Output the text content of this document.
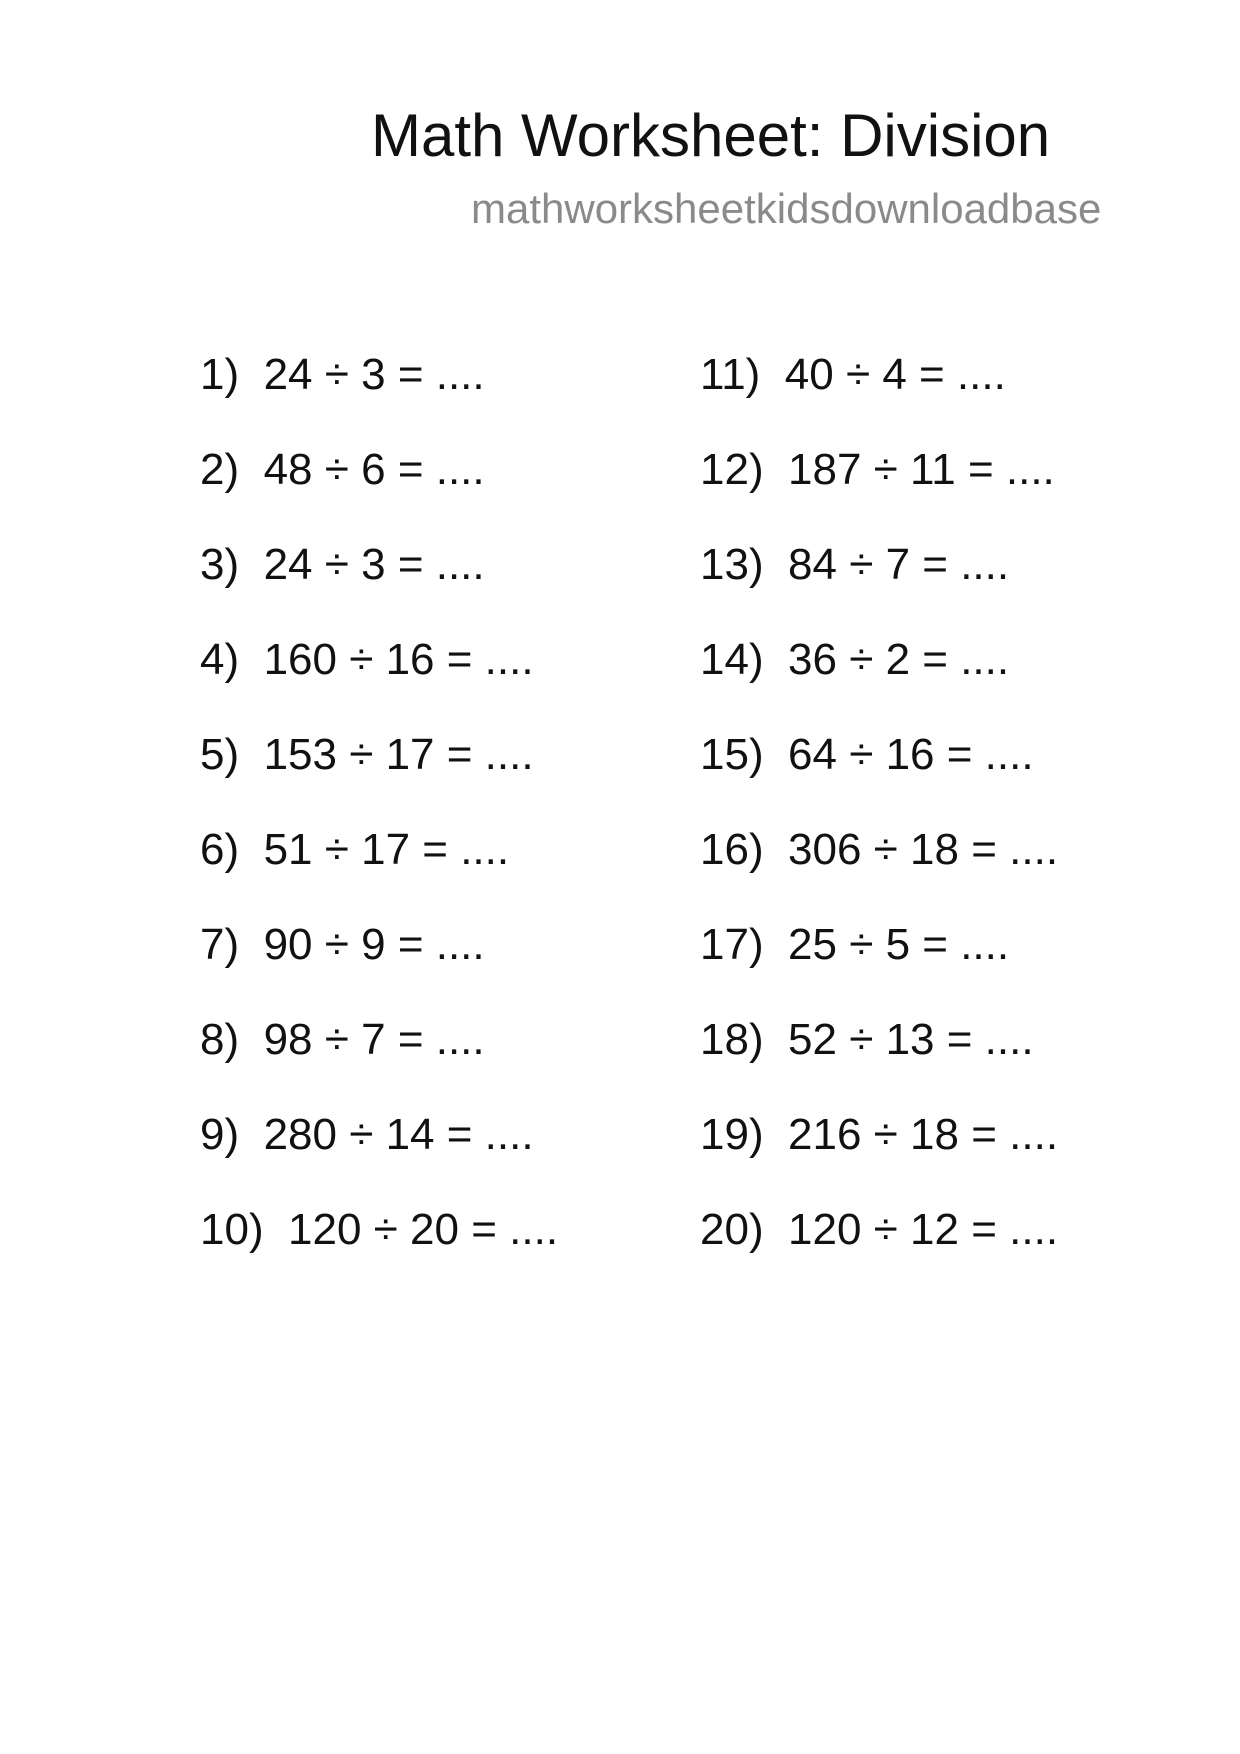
Math Worksheet: Division
mathworksheetkidsdownloadbase
1) 24 ÷ 3 = ....
2) 48 ÷ 6 = ....
3) 24 ÷ 3 = ....
4) 160 ÷ 16 = ....
5) 153 ÷ 17 = ....
6) 51 ÷ 17 = ....
7) 90 ÷ 9 = ....
8) 98 ÷ 7 = ....
9) 280 ÷ 14 = ....
10) 120 ÷ 20 = ....
11) 40 ÷ 4 = ....
12) 187 ÷ 11 = ....
13) 84 ÷ 7 = ....
14) 36 ÷ 2 = ....
15) 64 ÷ 16 = ....
16) 306 ÷ 18 = ....
17) 25 ÷ 5 = ....
18) 52 ÷ 13 = ....
19) 216 ÷ 18 = ....
20) 120 ÷ 12 = ....
